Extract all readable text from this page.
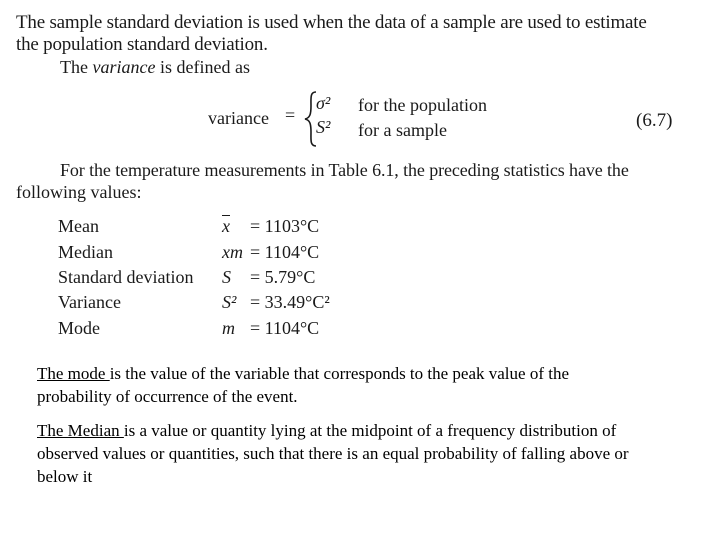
The sample standard deviation is used when the data of a sample are used to estimate
the population standard deviation.
The variance is defined as
variance =
σ²
S²
for the population
for a sample	(6.7)
For the temperature measurements in Table 6.1, the preceding statistics have the
following values:
Mean	$\overline{x} = 1103^\circ C$
Median	xm = 1104°C
Standard deviation S = 5.79°C
Variance	S² = 33.49°C²
Mode	m = 1104°C

The mode is the value of the variable that corresponds to the peak value of the probability of occurrence of the event.

The Median is a value or quantity lying at the midpoint of a frequency distribution of observed values or quantities, such that there is an equal probability of falling above or below it
